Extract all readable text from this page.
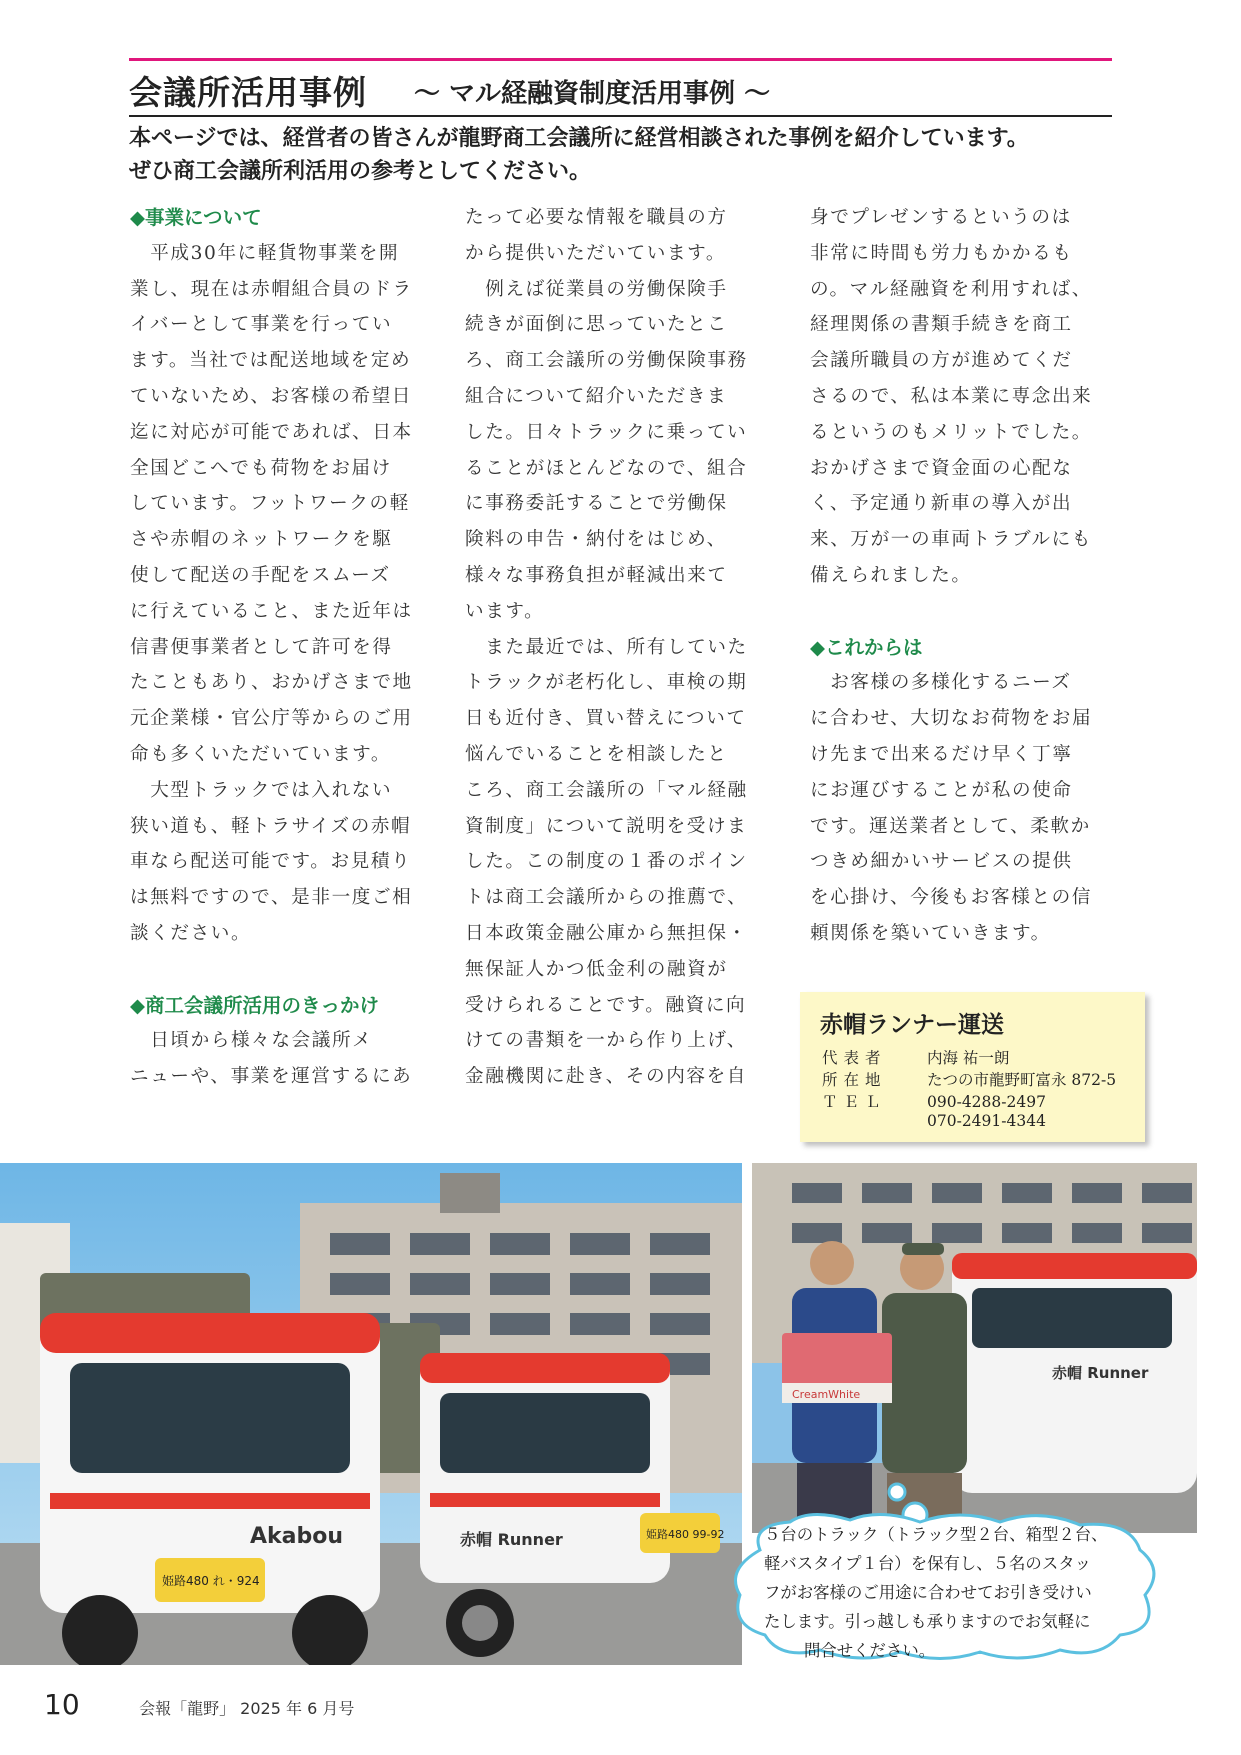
会議所活用事例 ～ マル経融資制度活用事例 ～
本ページでは、経営者の皆さんが龍野商工会議所に経営相談された事例を紹介しています。
ぜひ商工会議所利活用の参考としてください。
◆事業について
　平成30年に軽貨物事業を開
業し、現在は赤帽組合員のドラ
イバーとして事業を行ってい
ます。当社では配送地域を定め
ていないため、お客様の希望日
迄に対応が可能であれば、日本
全国どこへでも荷物をお届け
しています。フットワークの軽
さや赤帽のネットワークを駆
使して配送の手配をスムーズ
に行えていること、また近年は
信書便事業者として許可を得
たこともあり、おかげさまで地
元企業様・官公庁等からのご用
命も多くいただいています。
　大型トラックでは入れない
狭い道も、軽トラサイズの赤帽
車なら配送可能です。お見積り
は無料ですので、是非一度ご相
談ください。
◆商工会議所活用のきっかけ
　日頃から様々な会議所メ
ニューや、事業を運営するにあ
たって必要な情報を職員の方
から提供いただいています。
　例えば従業員の労働保険手
続きが面倒に思っていたとこ
ろ、商工会議所の労働保険事務
組合について紹介いただきま
した。日々トラックに乗ってい
ることがほとんどなので、組合
に事務委託することで労働保
険料の申告・納付をはじめ、
様々な事務負担が軽減出来て
います。
　また最近では、所有していた
トラックが老朽化し、車検の期
日も近付き、買い替えについて
悩んでいることを相談したと
ころ、商工会議所の「マル経融
資制度」について説明を受けま
した。この制度の１番のポイン
トは商工会議所からの推薦で、
日本政策金融公庫から無担保・
無保証人かつ低金利の融資が
受けられることです。融資に向
けての書類を一から作り上げ、
金融機関に赴き、その内容を自
身でプレゼンするというのは
非常に時間も労力もかかるも
の。マル経融資を利用すれば、
経理関係の書類手続きを商工
会議所職員の方が進めてくだ
さるので、私は本業に専念出来
るというのもメリットでした。
おかげさまで資金面の心配な
く、予定通り新車の導入が出
来、万が一の車両トラブルにも
備えられました。
◆これからは
　お客様の多様化するニーズ
に合わせ、大切なお荷物をお届
け先まで出来るだけ早く丁寧
にお運びすることが私の使命
です。運送業者として、柔軟か
つきめ細かいサービスの提供
を心掛け、今後もお客様との信
頼関係を築いていきます。
赤帽ランナー運送
代表者	内海 祐一朗
所在地	たつの市龍野町富永 872-5
ＴＥＬ	090-4288-2497
070-2491-4344
赤帽 Runner	姫路480 99-92
Akabou
姫路480 れ・924
赤帽 Runner
CreamWhite
５台のトラック（トラック型２台、箱型２台、
軽バスタイプ１台）を保有し、５名のスタッ
フがお客様のご用途に合わせてお引き受けい
たします。引っ越しも承りますのでお気軽に
問合せください。
10	会報「龍野」 2025 年 6 月号
